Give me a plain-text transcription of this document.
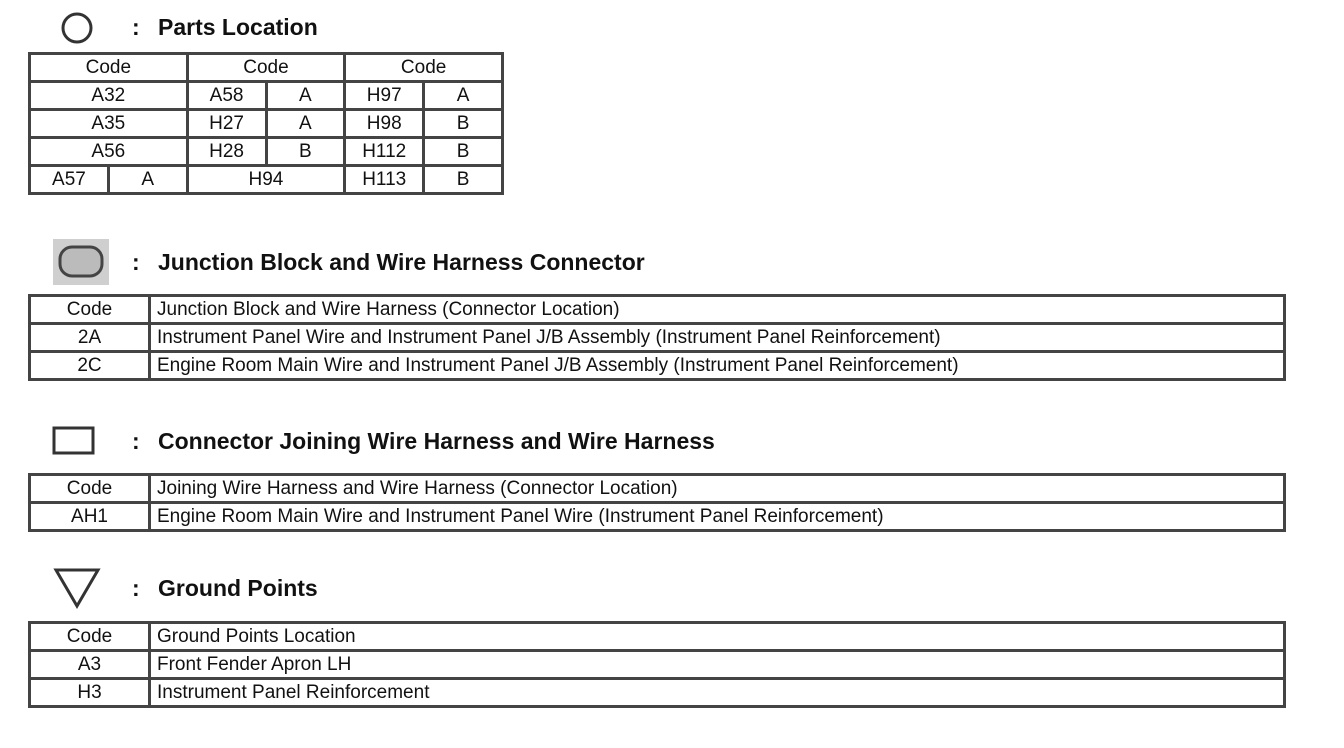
: Parts Location
Code		Code		Code	
A32		A58	A	H97	A
A35		H27	A	H98	B
A56		H28	B	H112	B
A57	A	H94		H113	B
: Junction Block and Wire Harness Connector
Code	Junction Block and Wire Harness (Connector Location)
2A	Instrument Panel Wire and Instrument Panel J/B Assembly (Instrument Panel Reinforcement)
2C	Engine Room Main Wire and Instrument Panel J/B Assembly (Instrument Panel Reinforcement)
: Connector Joining Wire Harness and Wire Harness
Code	Joining Wire Harness and Wire Harness (Connector Location)
AH1	Engine Room Main Wire and Instrument Panel Wire (Instrument Panel Reinforcement)
: Ground Points
Code	Ground Points Location
A3	Front Fender Apron LH
H3	Instrument Panel Reinforcement
